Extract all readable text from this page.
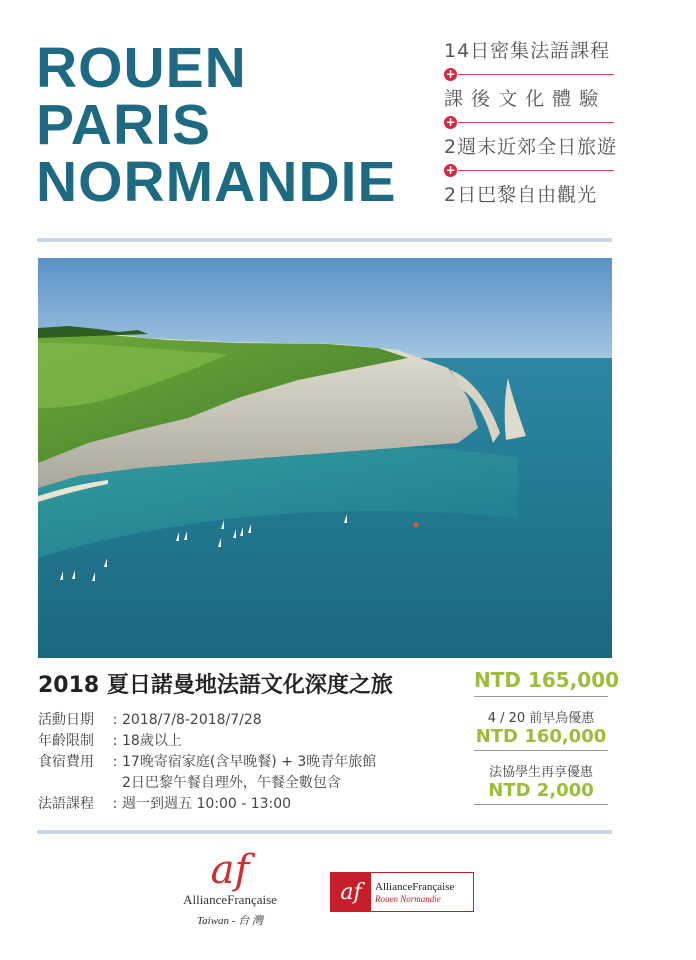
ROUEN
PARIS
NORMANDIE
14日密集法語課程
+
課 後 文 化 體 驗
+
2週末近郊全日旅遊
+
2日巴黎自由觀光
2018 夏日諾曼地法語文化深度之旅
活動日期	: 2018/7/8-2018/7/28
年齡限制	: 18歲以上
食宿費用	: 17晚寄宿家庭(含早晚餐) + 3晚青年旅館
2日巴黎午餐自理外，午餐全數包含
法語課程	: 週一到週五 10:00 - 13:00
NTD 165,000
4 / 20 前早鳥優惠
NTD 160,000
法協學生再享優惠
NTD 2,000
af
AllianceFrançaise
Taiwan - 台 灣
af	AllianceFrançaise
Rouen Normandie
